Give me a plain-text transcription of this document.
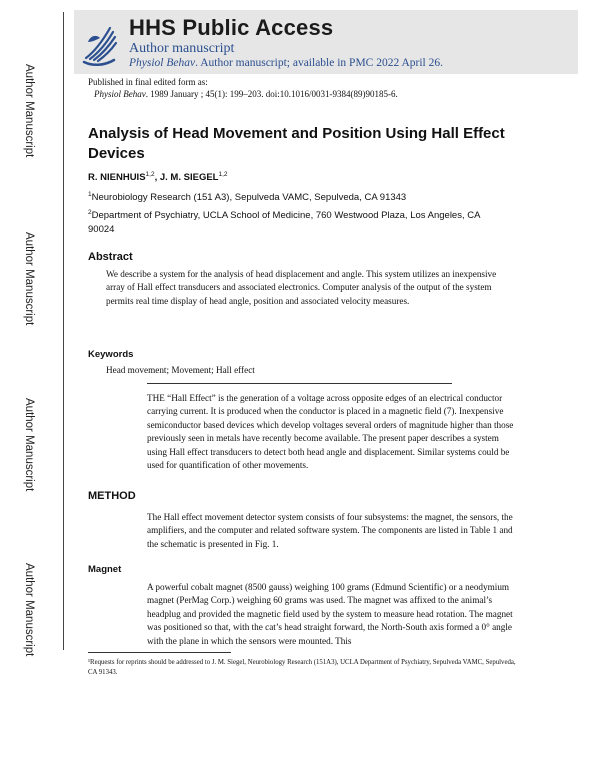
Author Manuscript
Author Manuscript
Author Manuscript
Author Manuscript
HHS Public Access
Author manuscript
Physiol Behav. Author manuscript; available in PMC 2022 April 26.
Published in final edited form as:
Physiol Behav. 1989 January ; 45(1): 199–203. doi:10.1016/0031-9384(89)90185-6.
Analysis of Head Movement and Position Using Hall Effect Devices
R. NIENHUIS$^{1,2}$, J. M. SIEGEL$^{1,2}$
$^1$Neurobiology Research (151 A3), Sepulveda VAMC, Sepulveda, CA 91343
$^2$Department of Psychiatry, UCLA School of Medicine, 760 Westwood Plaza, Los Angeles, CA 90024
Abstract

We describe a system for the analysis of head displacement and angle. This system utilizes an inexpensive array of Hall effect transducers and associated electronics. Computer analysis of the output of the system permits real time display of head angle, position and associated velocity measures.

Keywords
Head movement; Movement; Hall effect

THE “Hall Effect” is the generation of a voltage across opposite edges of an electrical conductor carrying current. It is produced when the conductor is placed in a magnetic field (7). Inexpensive semiconductor based devices which develop voltages several orders of magnitude higher than those previously seen in metals have recently become available. The present paper describes a system using Hall effect transducers to detect both head angle and displacement. Similar systems could be used for quantification of other movements.

METHOD

The Hall effect movement detector system consists of four subsystems: the magnet, the sensors, the amplifiers, and the computer and related software system. The components are listed in Table 1 and the schematic is presented in Fig. 1.

Magnet

A powerful cobalt magnet (8500 gauss) weighing 100 grams (Edmund Scientific) or a neodymium magnet (PerMag Corp.) weighing 60 grams was used. The magnet was affixed to the animal’s headplug and provided the magnetic field used by the system to measure head rotation. The magnet was positioned so that, with the cat’s head straight forward, the North-South axis formed a 0° angle with the plane in which the sensors were mounted. This

¹Requests for reprints should be addressed to J. M. Siegel, Neurobiology Research (151A3), UCLA Department of Psychiatry, Sepulveda VAMC, Sepulveda, CA 91343.
